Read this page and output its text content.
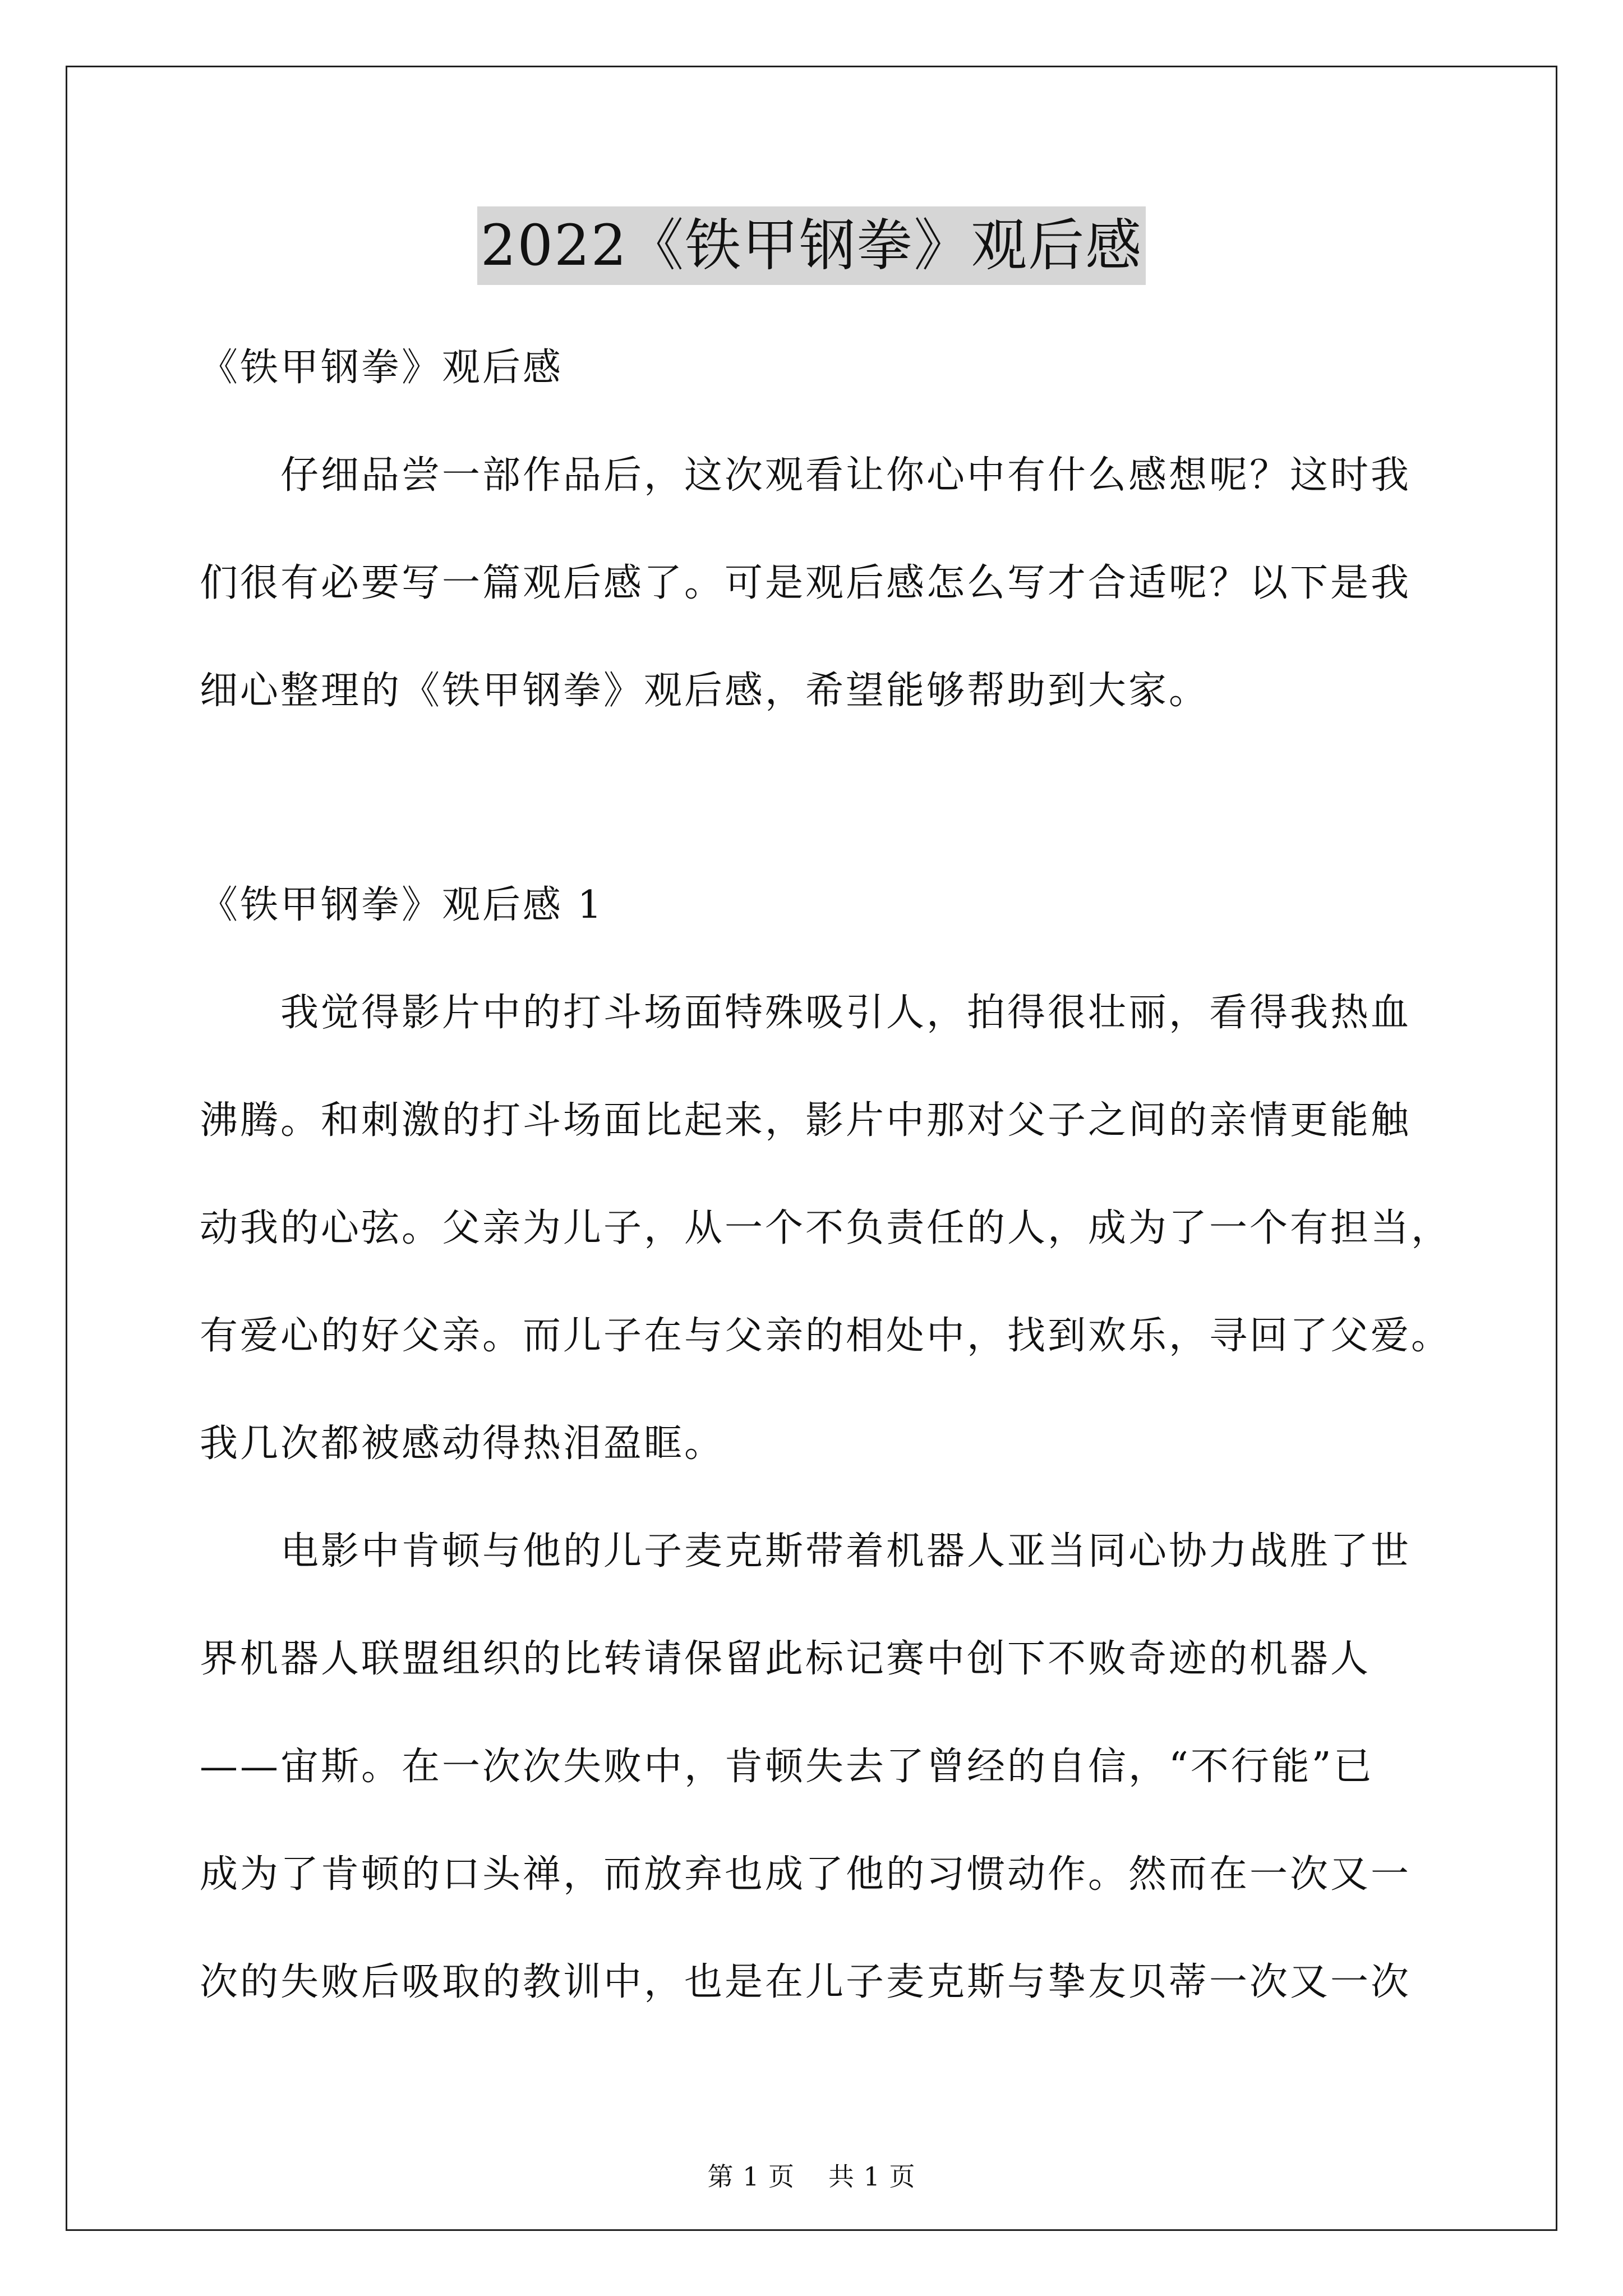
2022《铁甲钢拳》观后感
《铁甲钢拳》观后感
仔细品尝一部作品后，这次观看让你心中有什么感想呢？这时我
们很有必要写一篇观后感了。可是观后感怎么写才合适呢？以下是我
细心整理的《铁甲钢拳》观后感，希望能够帮助到大家。
《铁甲钢拳》观后感 1
我觉得影片中的打斗场面特殊吸引人，拍得很壮丽，看得我热血
沸腾。和刺激的打斗场面比起来，影片中那对父子之间的亲情更能触
动我的心弦。父亲为儿子，从一个不负责任的人，成为了一个有担当，
有爱心的好父亲。而儿子在与父亲的相处中，找到欢乐，寻回了父爱。
我几次都被感动得热泪盈眶。
电影中肯顿与他的儿子麦克斯带着机器人亚当同心协力战胜了世
界机器人联盟组织的比转请保留此标记赛中创下不败奇迹的机器人
——宙斯。在一次次失败中，肯顿失去了曾经的自信，“不行能”已
成为了肯顿的口头禅，而放弃也成了他的习惯动作。然而在一次又一
次的失败后吸取的教训中，也是在儿子麦克斯与挚友贝蒂一次又一次
第 1 页 共 1 页
